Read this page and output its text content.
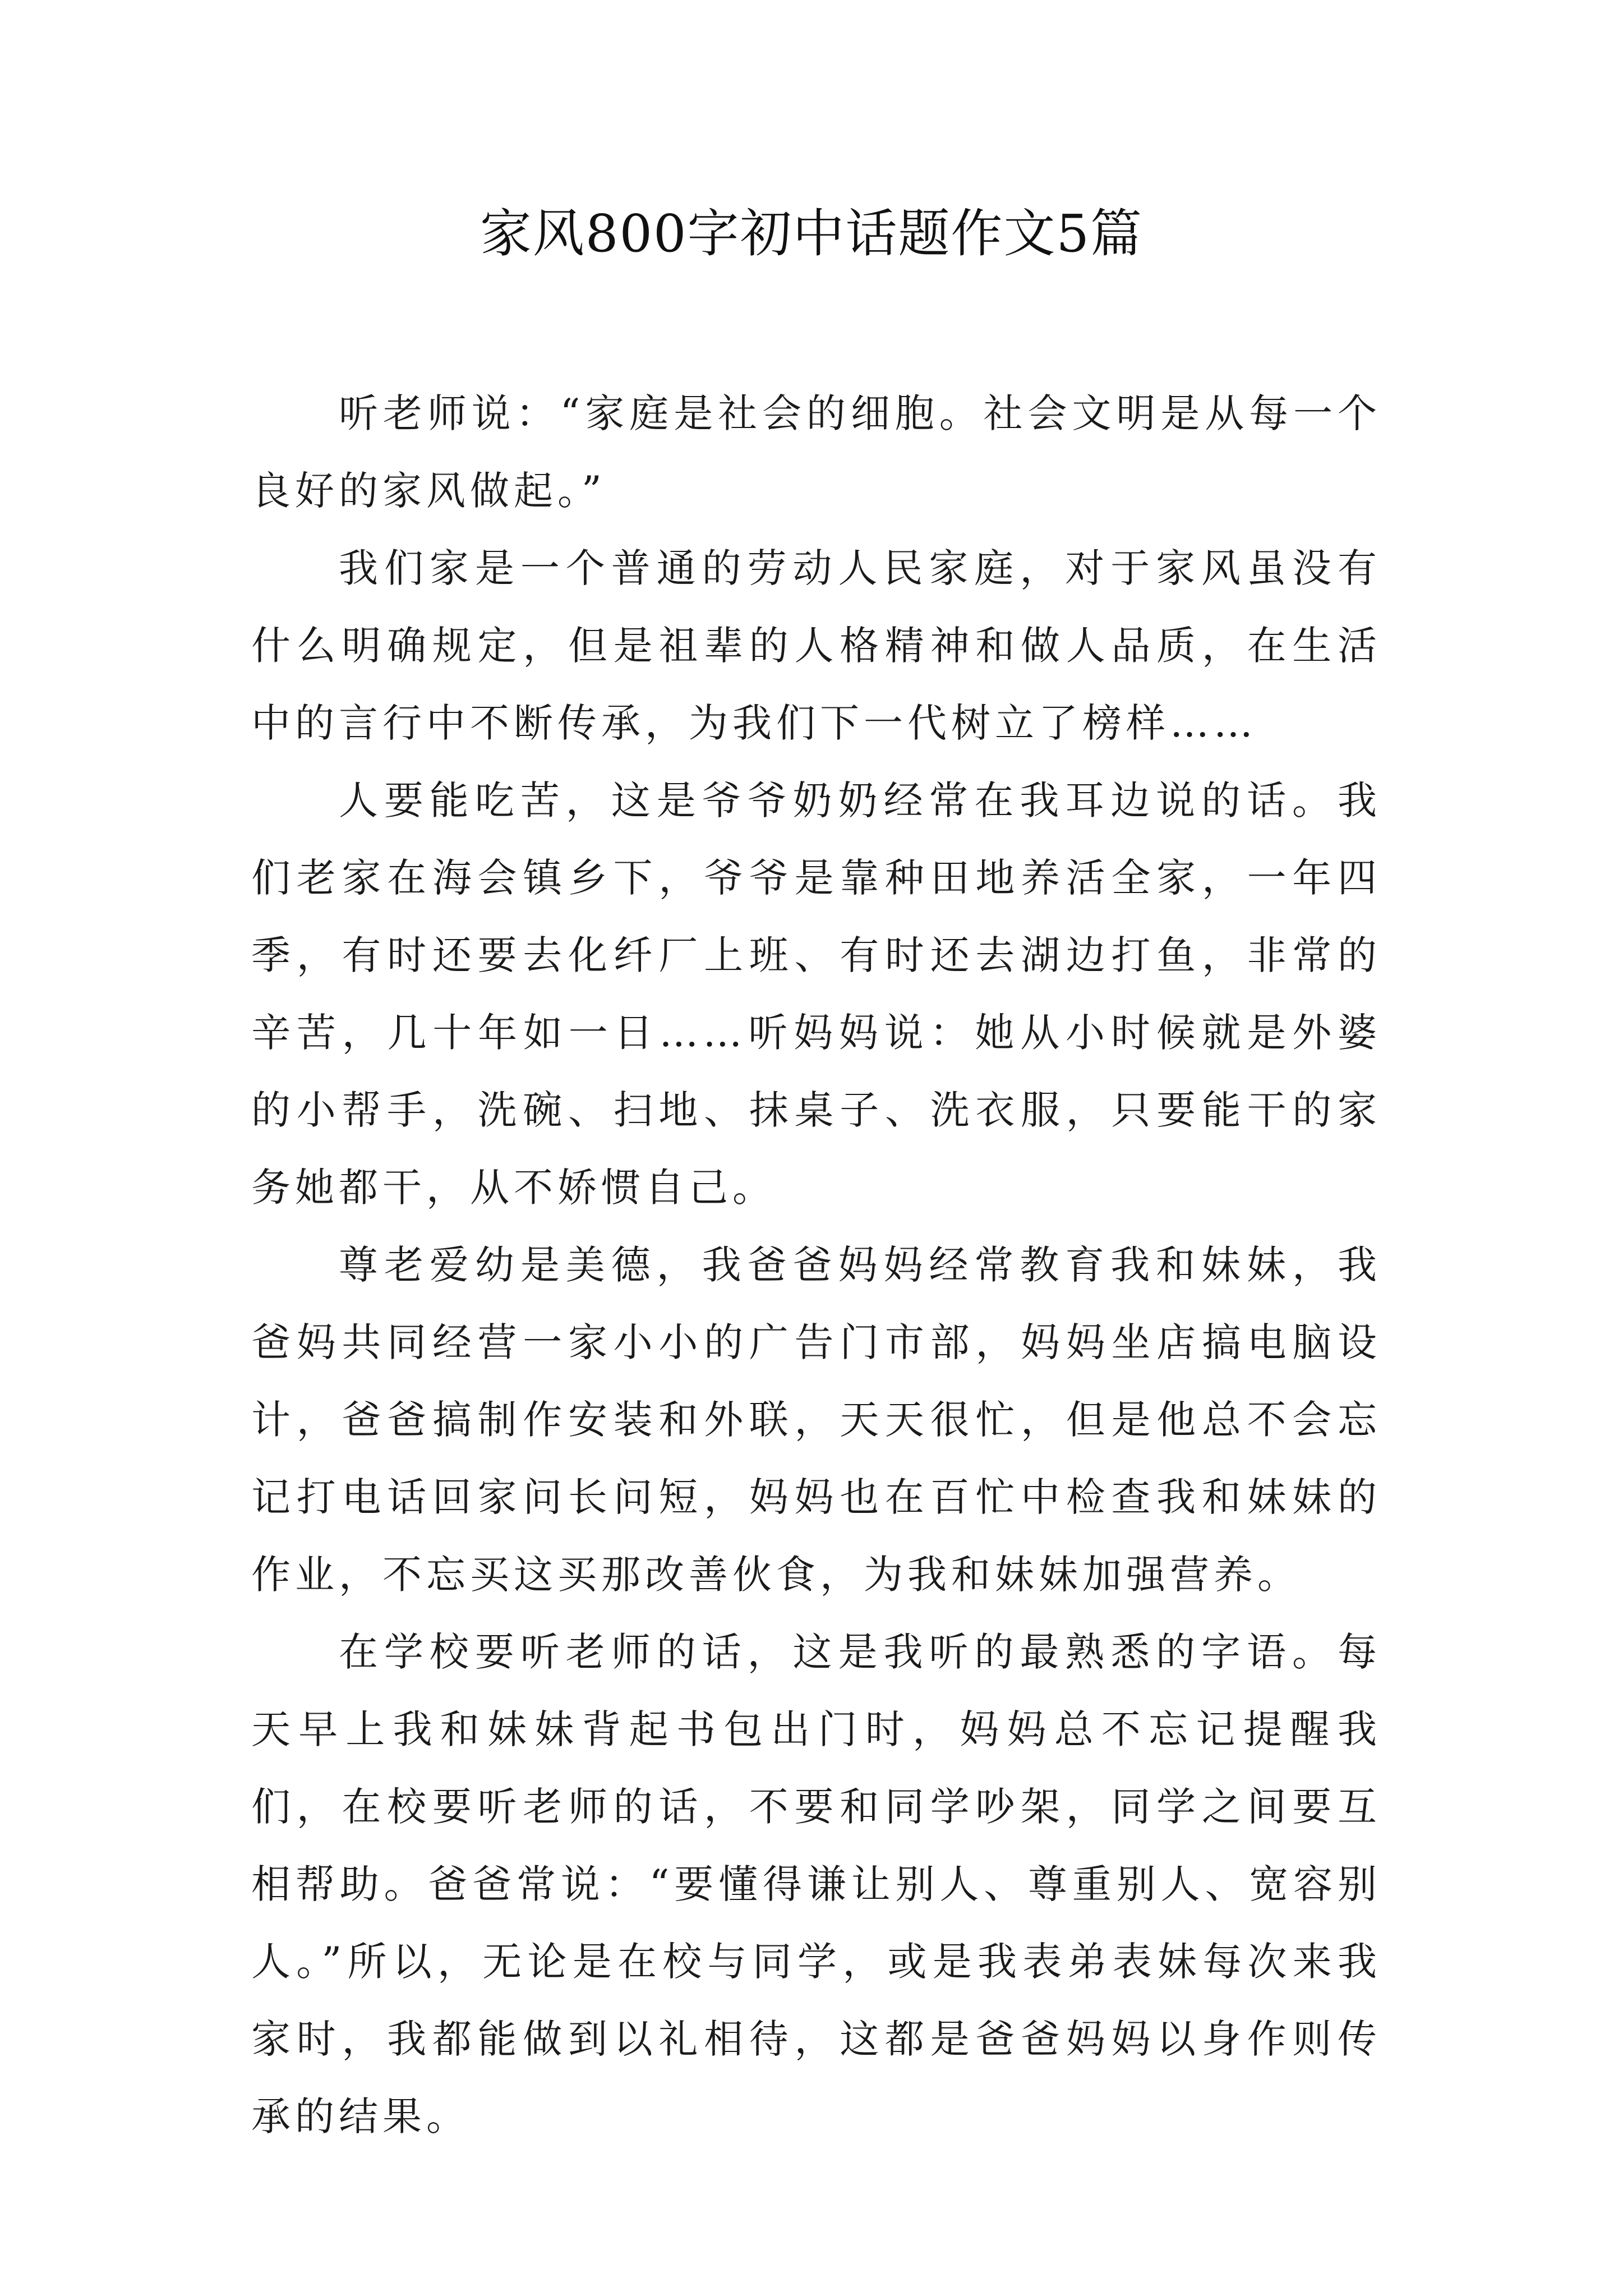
家风800字初中话题作文5篇

听老师说：“家庭是社会的细胞。社会文明是从每一个良好的家风做起。”

我们家是一个普通的劳动人民家庭，对于家风虽没有什么明确规定，但是祖辈的人格精神和做人品质，在生活中的言行中不断传承，为我们下一代树立了榜样……

人要能吃苦，这是爷爷奶奶经常在我耳边说的话。我们老家在海会镇乡下，爷爷是靠种田地养活全家，一年四季，有时还要去化纤厂上班、有时还去湖边打鱼，非常的辛苦，几十年如一日……听妈妈说：她从小时候就是外婆的小帮手，洗碗、扫地、抹桌子、洗衣服，只要能干的家务她都干，从不娇惯自己。

尊老爱幼是美德，我爸爸妈妈经常教育我和妹妹，我爸妈共同经营一家小小的广告门市部，妈妈坐店搞电脑设计，爸爸搞制作安装和外联，天天很忙，但是他总不会忘记打电话回家问长问短，妈妈也在百忙中检查我和妹妹的作业，不忘买这买那改善伙食，为我和妹妹加强营养。

在学校要听老师的话，这是我听的最熟悉的字语。每天早上我和妹妹背起书包出门时，妈妈总不忘记提醒我们，在校要听老师的话，不要和同学吵架，同学之间要互相帮助。爸爸常说：“要懂得谦让别人、尊重别人、宽容别人。”所以，无论是在校与同学，或是我表弟表妹每次来我家时，我都能做到以礼相待，这都是爸爸妈妈以身作则传承的结果。
